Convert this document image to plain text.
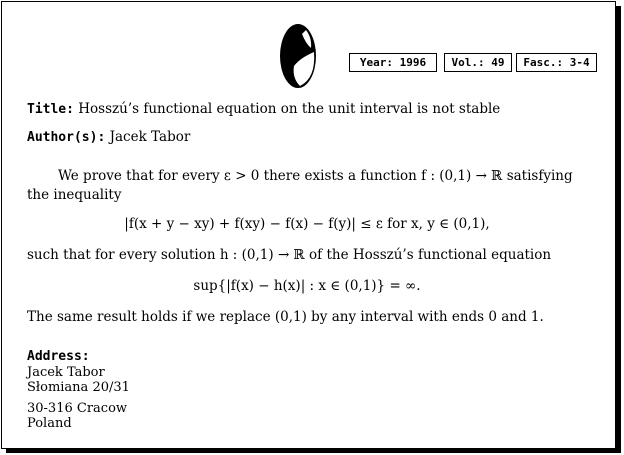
Year: 1996	Vol.: 49	Fasc.: 3-4
Title: Hosszú’s functional equation on the unit interval is not stable
Author(s): Jacek Tabor
We prove that for every ε > 0 there exists a function f : (0,1) → ℝ satisfying
the inequality
|f(x + y − xy) + f(xy) − f(x) − f(y)| ≤ ε for x, y ∈ (0,1),
such that for every solution h : (0,1) → ℝ of the Hosszú’s functional equation
sup{|f(x) − h(x)| : x ∈ (0,1)} = ∞.
The same result holds if we replace (0,1) by any interval with ends 0 and 1.
Address:
Jacek Tabor
Słomiana 20/31
30-316 Cracow
Poland
